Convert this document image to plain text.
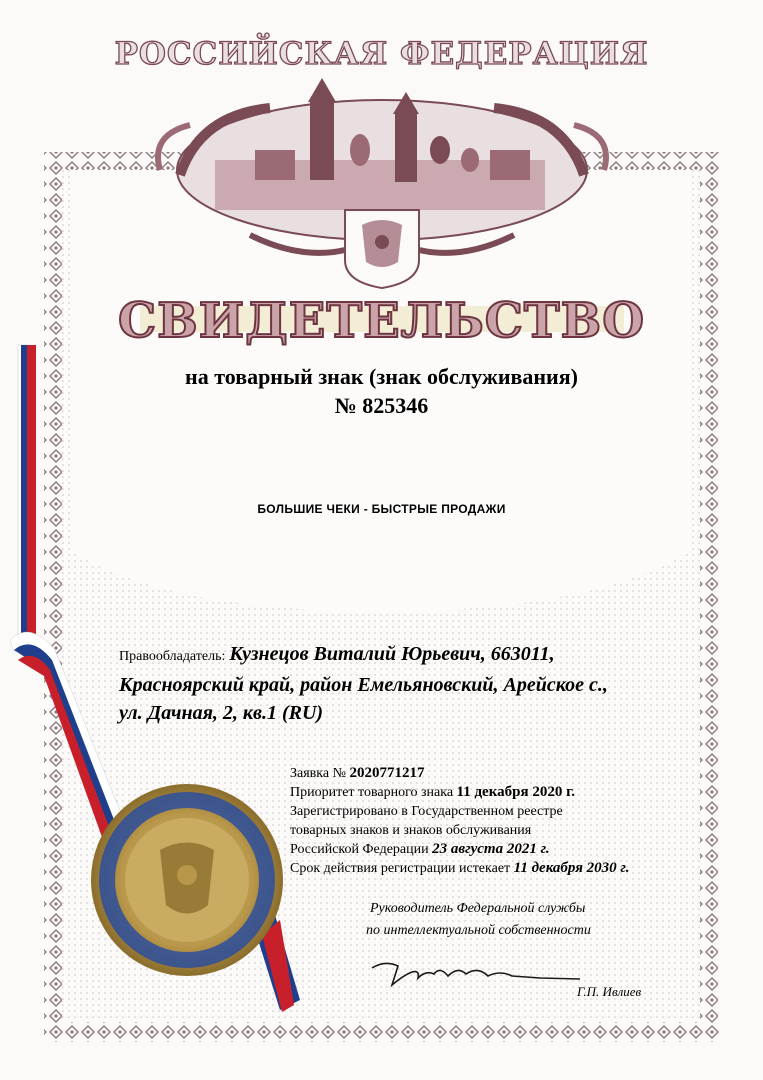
РОССИЙСКАЯ ФЕДЕРАЦИЯ
СВИДЕТЕЛЬСТВО
на товарный знак (знак обслуживания)
№ 825346
БОЛЬШИЕ ЧЕКИ - БЫСТРЫЕ ПРОДАЖИ
Правообладатель: Кузнецов Виталий Юрьевич, 663011,
Красноярский край, район Емельяновский, Арейское с.,
ул. Дачная, 2, кв.1 (RU)
Заявка № 2020771217
Приоритет товарного знака 11 декабря 2020 г.
Зарегистрировано в Государственном реестре
товарных знаков и знаков обслуживания
Российской Федерации 23 августа 2021 г.
Срок действия регистрации истекает 11 декабря 2030 г.
Руководитель Федеральной службы
по интеллектуальной собственности
Г.П. Ивлиев
